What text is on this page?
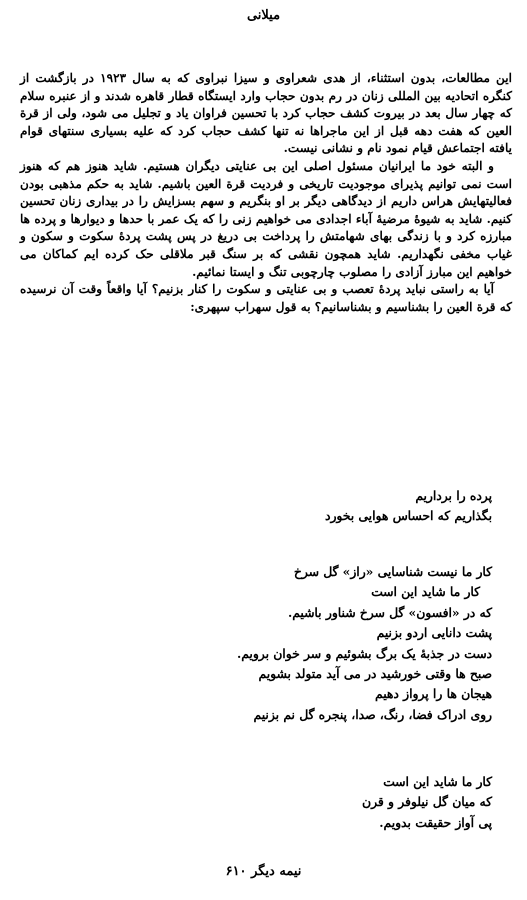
میلانی

این مطالعات، بدون استثناء، از هدی شعراوی و سیزا نبراوی که به سال ۱۹۲۳ در بازگشت از کنگره اتحادیه بین المللی زنان در رم بدون حجاب وارد ایستگاه قطار قاهره شدند و از عنبره سلام که چهار سال بعد در بیروت کشف حجاب کرد با تحسین فراوان یاد و تجلیل می شود، ولی از قرة العین که هفت دهه قبل از این ماجراها نه تنها کشف حجاب کرد که علیه بسیاری سنتهای قوام یافته اجتماعش قیام نمود نام و نشانی نیست.

و البته خود ما ایرانیان مسئول اصلی این بی عنایتی دیگران هستیم. شاید هنوز هم که هنوز است نمی توانیم پذیرای موجودیت تاریخی و فردیت قرة العین باشیم. شاید به حکم مذهبی بودن فعالیتهایش هراس داریم از دیدگاهی دیگر بر او بنگریم و سهم بسزایش را در بیداری زنان تحسین کنیم. شاید به شیوهٔ مرضیهٔ آباء اجدادی می خواهیم زنی را که یک عمر با حدها و دیوارها و پرده ها مبارزه کرد و با زندگی بهای شهامتش را پرداخت بی دریغ در پس پشت پردهٔ سکوت و سکون و غیاب مخفی نگهداریم. شاید همچون نقشی که بر سنگ قبر ملاقلی حک کرده ایم کماکان می خواهیم این مبارز آزادی را مصلوب چارچوبی تنگ و ایستا نمائیم.

آیا به راستی نباید پردهٔ تعصب و بی عنایتی و سکوت را کنار بزنیم؟ آیا واقعاً وقت آن نرسیده که قرة العین را بشناسیم و بشناسانیم؟ به قول سهراب سپهری:

پرده را برداریم
بگذاریم که احساس هوایی بخورد
کار ما نیست شناسایی «راز» گل سرخ
کار ما شاید این است
که در «افسون» گل سرخ شناور باشیم.
پشت دانایی اردو بزنیم
دست در جذبهٔ یک برگ بشوئیم و سر خوان برویم.
صبح ها وقتی خورشید در می آید متولد بشویم
هیجان ها را پرواز دهیم
روی ادراک فضا، رنگ، صدا، پنجره گل نم بزنیم
کار ما شاید این است
که میان گل نیلوفر و قرن
پی آواز حقیقت بدویم.
نیمه دیگر ۶۱۰
